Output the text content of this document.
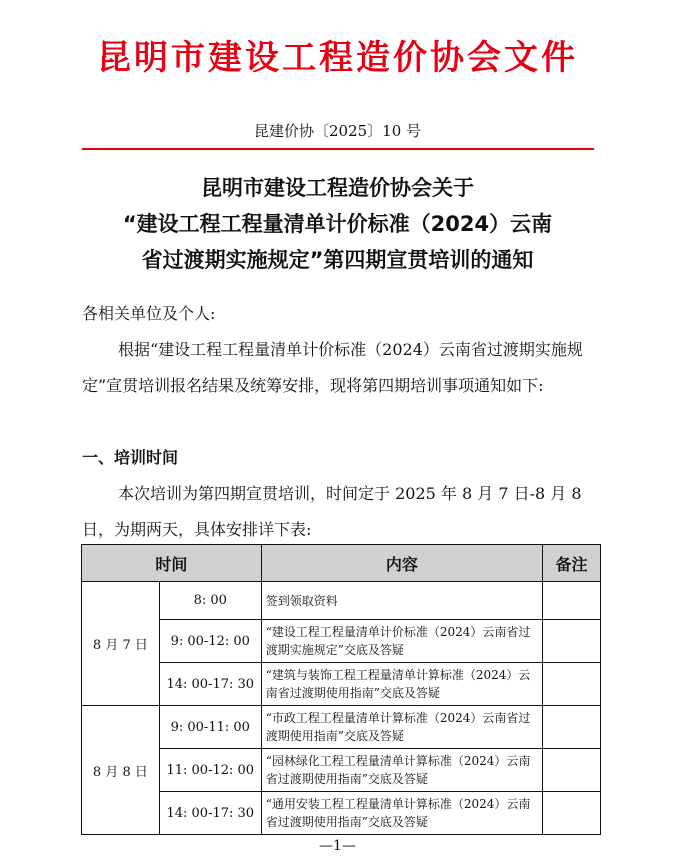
昆明市建设工程造价协会文件
昆建价协〔2025〕10 号
昆明市建设工程造价协会关于
“建设工程工程量清单计价标准（2024）云南
省过渡期实施规定”第四期宣贯培训的通知
各相关单位及个人:
根据“建设工程工程量清单计价标准（2024）云南省过渡期实施规定”宣贯培训报名结果及统筹安排，现将第四期培训事项通知如下:
一、培训时间
本次培训为第四期宣贯培训，时间定于 2025 年 8 月 7 日-8 月 8 日，为期两天，具体安排详下表:
时间		内容	备注
8 月 7 日	8: 00	签到领取资料	
	9: 00-12: 00	“建设工程工程量清单计价标准（2024）云南省过渡期实施规定”交底及答疑	
	14: 00-17: 30	“建筑与装饰工程工程量清单计算标准（2024）云南省过渡期使用指南”交底及答疑	
8 月 8 日	9: 00-11: 00	“市政工程工程量清单计算标准（2024）云南省过渡期使用指南”交底及答疑	
	11: 00-12: 00	“园林绿化工程工程量清单计算标准（2024）云南省过渡期使用指南”交底及答疑	
	14: 00-17: 30	“通用安装工程工程量清单计算标准（2024）云南省过渡期使用指南”交底及答疑	
—1—
